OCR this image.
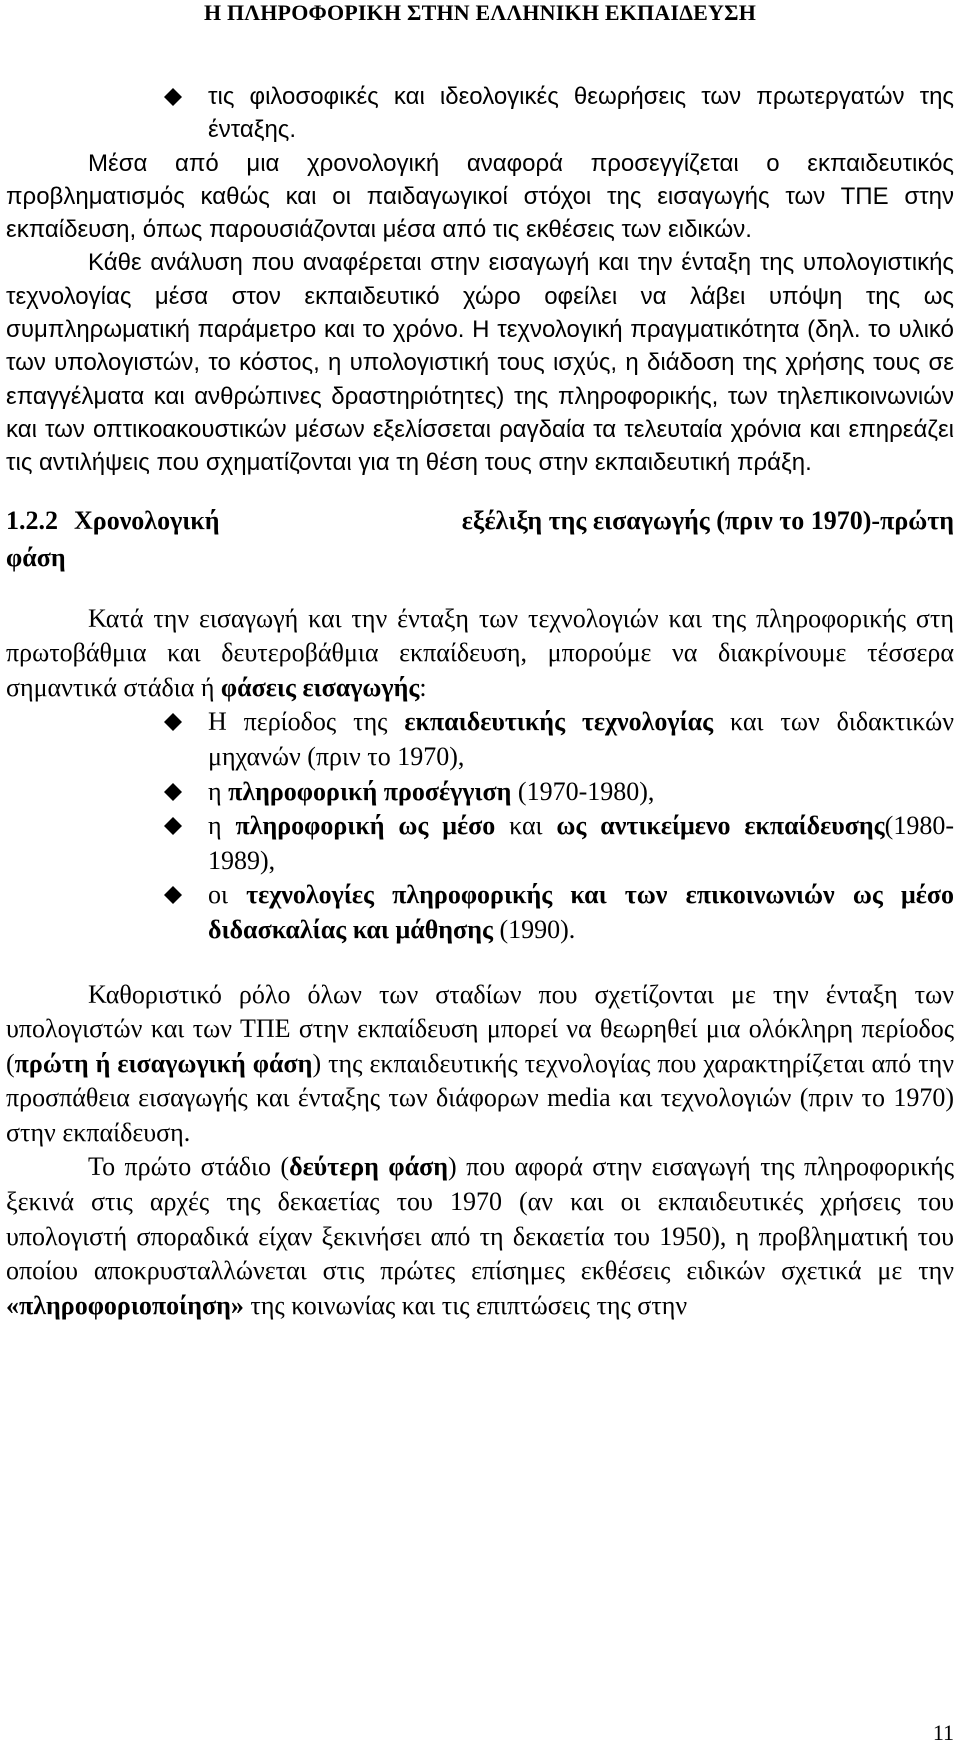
Η ΠΛΗΡΟΦΟΡΙΚΗ ΣΤΗΝ ΕΛΛΗΝΙΚΗ ΕΚΠΑΙΔΕΥΣΗ

τις φιλοσοφικές και ιδεολογικές θεωρήσεις των πρωτεργατών της ένταξης.

Μέσα από μια χρονολογική αναφορά προσεγγίζεται ο εκπαιδευτικός προβληματισμός καθώς και οι παιδαγωγικοί στόχοι της εισαγωγής των ΤΠΕ στην εκπαίδευση, όπως παρουσιάζονται μέσα από τις εκθέσεις των ειδικών.

Κάθε ανάλυση που αναφέρεται στην εισαγωγή και την ένταξη της υπολογιστικής τεχνολογίας μέσα στον εκπαιδευτικό χώρο οφείλει να λάβει υπόψη της ως συμπληρωματική παράμετρο και το χρόνο. Η τεχνολογική πραγματικότητα (δηλ. το υλικό των υπολογιστών, το κόστος, η υπολογιστική τους ισχύς, η διάδοση της χρήσης τους σε επαγγέλματα και ανθρώπινες δραστηριότητες) της πληροφορικής, των τηλεπικοινωνιών και των οπτικοακουστικών μέσων εξελίσσεται ραγδαία τα τελευταία χρόνια και επηρεάζει τις αντιλήψεις που σχηματίζονται για τη θέση τους στην εκπαιδευτική πράξη.

1.2.2 Χρονολογική	εξέλιξη της εισαγωγής (πριν το 1970)-πρώτη
φάση

Κατά την εισαγωγή και την ένταξη των τεχνολογιών και της πληροφορικής στη πρωτοβάθμια και δευτεροβάθμια εκπαίδευση, μπορούμε να διακρίνουμε τέσσερα σημαντικά στάδια ή φάσεις εισαγωγής:

Η περίοδος της εκπαιδευτικής τεχνολογίας και των διδακτικών μηχανών (πριν το 1970),

η πληροφορική προσέγγιση (1970-1980),

η πληροφορική ως μέσο και ως αντικείμενο εκπαίδευσης(1980-1989),

οι τεχνολογίες πληροφορικής και των επικοινωνιών ως μέσο διδασκαλίας και μάθησης (1990).

Καθοριστικό ρόλο όλων των σταδίων που σχετίζονται με την ένταξη των υπολογιστών και των ΤΠΕ στην εκπαίδευση μπορεί να θεωρηθεί μια ολόκληρη περίοδος (πρώτη ή εισαγωγική φάση) της εκπαιδευτικής τεχνολογίας που χαρακτηρίζεται από την προσπάθεια εισαγωγής και ένταξης των διάφορων media και τεχνολογιών (πριν το 1970) στην εκπαίδευση.

Το πρώτο στάδιο (δεύτερη φάση) που αφορά στην εισαγωγή της πληροφορικής ξεκινά στις αρχές της δεκαετίας του 1970 (αν και οι εκπαιδευτικές χρήσεις του υπολογιστή σποραδικά είχαν ξεκινήσει από τη δεκαετία του 1950), η προβληματική του οποίου αποκρυσταλλώνεται στις πρώτες επίσημες εκθέσεις ειδικών σχετικά με την «πληροφοριοποίηση» της κοινωνίας και τις επιπτώσεις της στην

11
